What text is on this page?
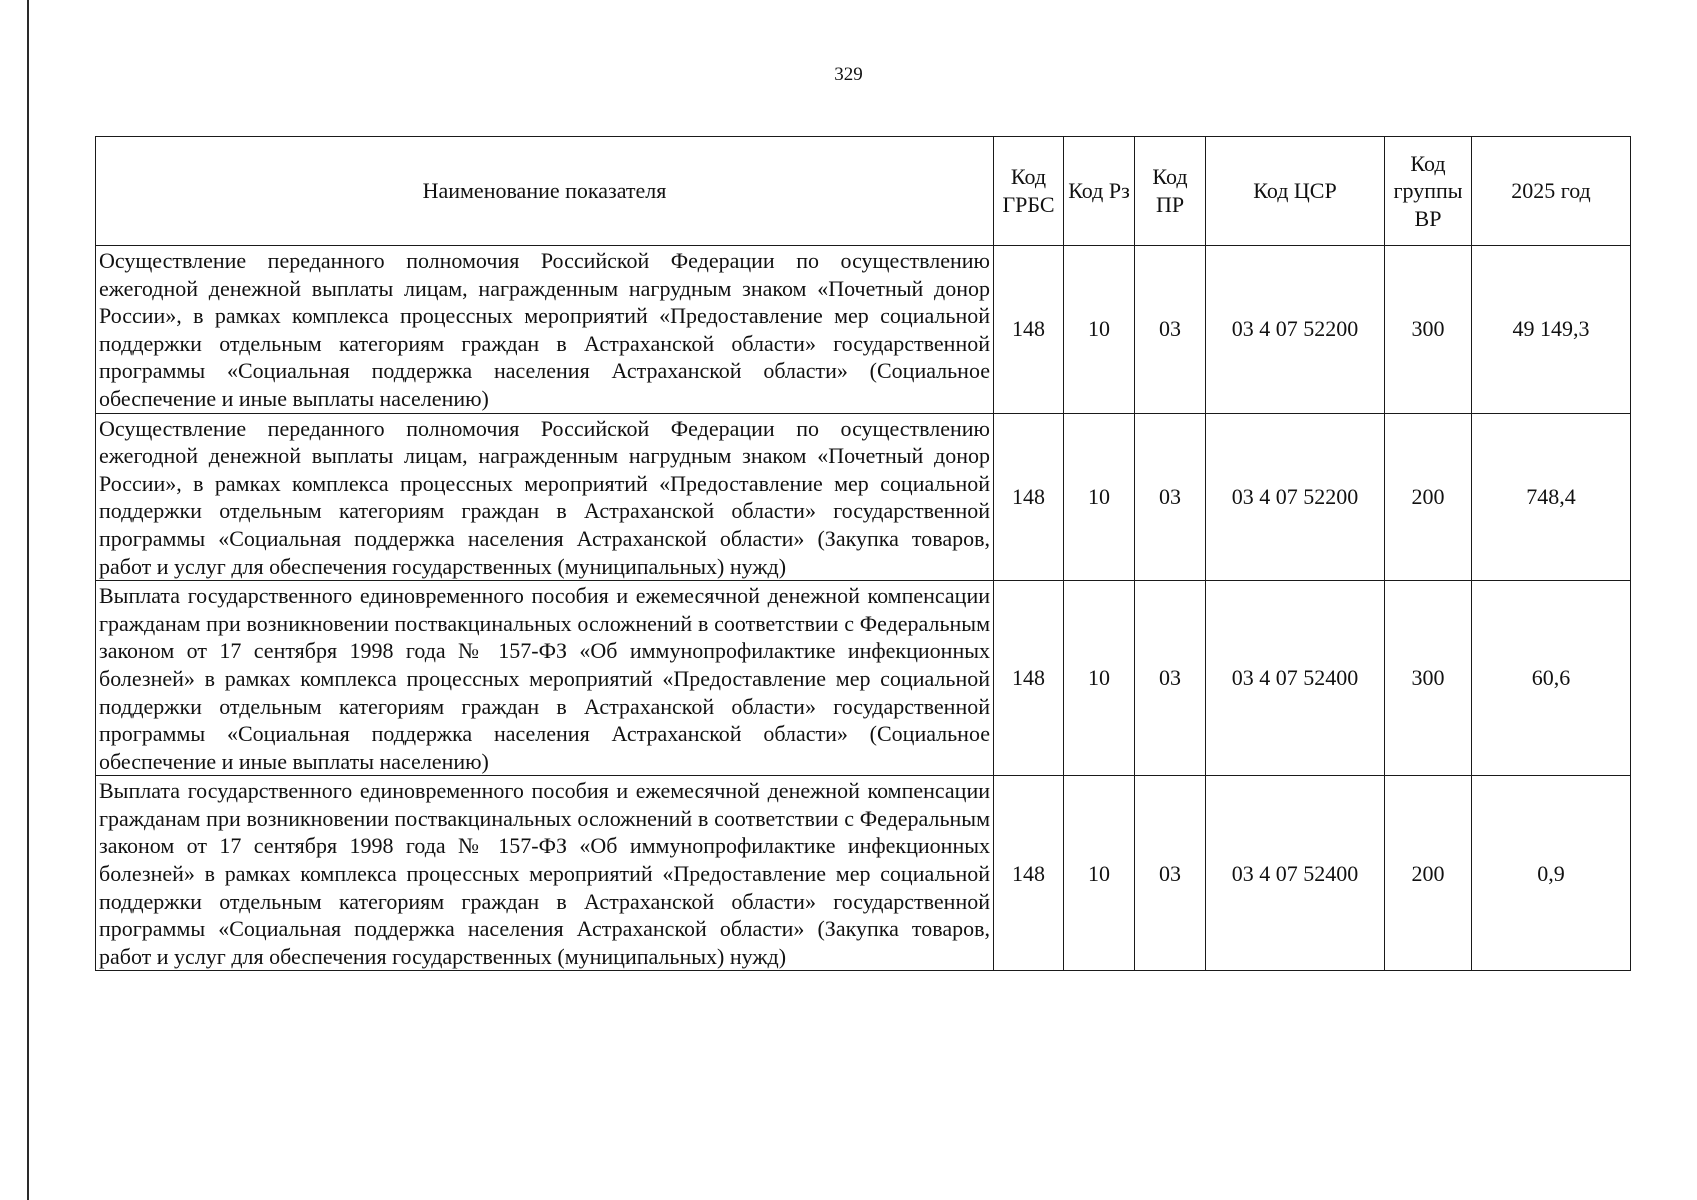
329
Наименование показателя	Код ГРБС	Код Рз	Код ПР	Код ЦСР	Код группы ВР	2025 год
Осуществление переданного полномочия Российской Федерации по осуществлению ежегодной денежной выплаты лицам, награжденным нагрудным знаком «Почетный донор России», в рамках комплекса процессных мероприятий «Предоставление мер социальной поддержки отдельным категориям граждан в Астраханской области» государственной программы «Социальная поддержка населения Астраханской области» (Социальное обеспечение и иные выплаты населению)	148	10	03	03 4 07 52200	300	49 149,3
Осуществление переданного полномочия Российской Федерации по осуществлению ежегодной денежной выплаты лицам, награжденным нагрудным знаком «Почетный донор России», в рамках комплекса процессных мероприятий «Предоставление мер социальной поддержки отдельным категориям граждан в Астраханской области» государственной программы «Социальная поддержка населения Астраханской области» (Закупка товаров, работ и услуг для обеспечения государственных (муниципальных) нужд)	148	10	03	03 4 07 52200	200	748,4
Выплата государственного единовременного пособия и ежемесячной денежной компенсации гражданам при возникновении поствакцинальных осложнений в соответствии с Федеральным законом от 17 сентября 1998 года № 157-ФЗ «Об иммунопрофилактике инфекционных болезней» в рамках комплекса процессных мероприятий «Предоставление мер социальной поддержки отдельным категориям граждан в Астраханской области» государственной программы «Социальная поддержка населения Астраханской области» (Социальное обеспечение и иные выплаты населению)	148	10	03	03 4 07 52400	300	60,6
Выплата государственного единовременного пособия и ежемесячной денежной компенсации гражданам при возникновении поствакцинальных осложнений в соответствии с Федеральным законом от 17 сентября 1998 года № 157-ФЗ «Об иммунопрофилактике инфекционных болезней» в рамках комплекса процессных мероприятий «Предоставление мер социальной поддержки отдельным категориям граждан в Астраханской области» государственной программы «Социальная поддержка населения Астраханской области» (Закупка товаров, работ и услуг для обеспечения государственных (муниципальных) нужд)	148	10	03	03 4 07 52400	200	0,9
